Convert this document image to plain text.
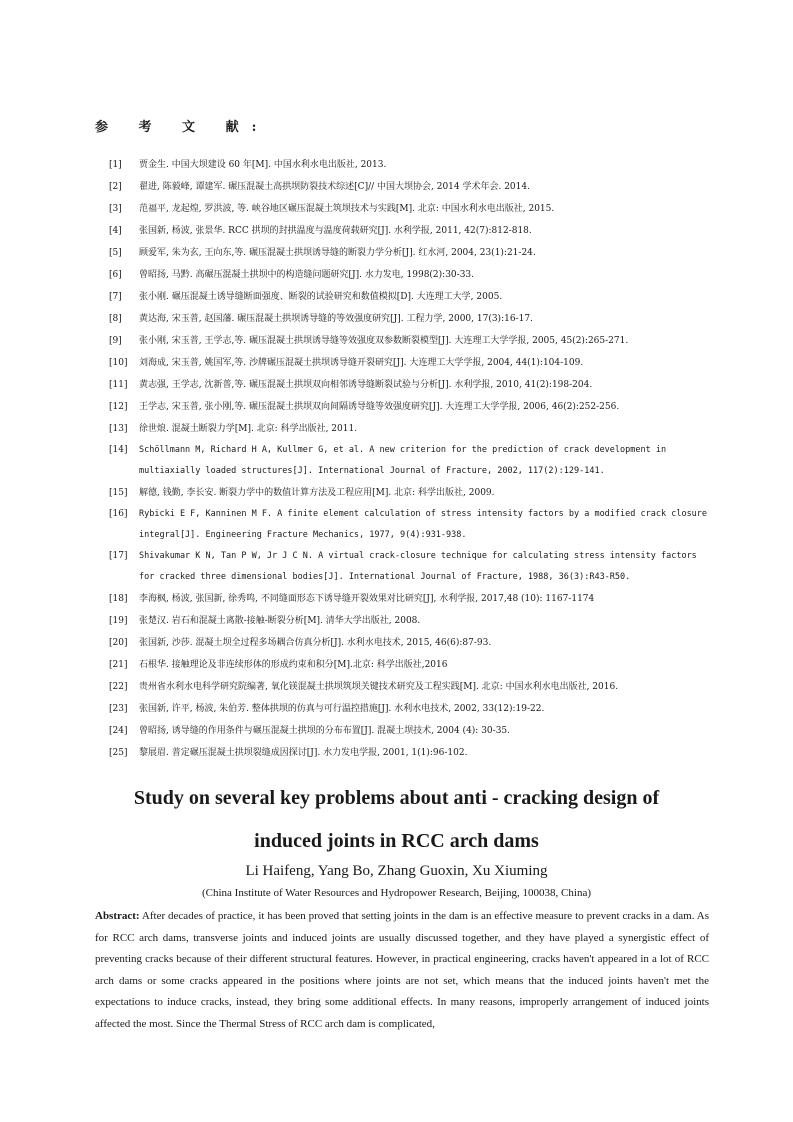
参 考 文 献:
[1]	贾金生. 中国大坝建设 60 年[M]. 中国水利水电出版社, 2013.
[2]	翟进, 陈毅峰, 谭建军. 碾压混凝土高拱坝防裂技术综述[C]// 中国大坝协会, 2014 学术年会. 2014.
[3]	范福平, 龙起煌, 罗洪波, 等. 峡谷地区碾压混凝土筑坝技术与实践[M]. 北京: 中国水利水电出版社, 2015.
[4]	张国新, 杨波, 张景华. RCC 拱坝的封拱温度与温度荷载研究[J]. 水利学报, 2011, 42(7):812-818.
[5]	顾爱军, 朱为玄, 王向东,等. 碾压混凝土拱坝诱导缝的断裂力学分析[J]. 红水河, 2004, 23(1):21-24.
[6]	曾昭扬, 马黔. 高碾压混凝土拱坝中的构造缝问题研究[J]. 水力发电, 1998(2):30-33.
[7]	张小刚. 碾压混凝土诱导缝断面强度、断裂的试验研究和数值模拟[D]. 大连理工大学, 2005.
[8]	黄达海, 宋玉普, 赵国藩. 碾压混凝土拱坝诱导缝的等效强度研究[J]. 工程力学, 2000, 17(3):16-17.
[9]	张小刚, 宋玉普, 王学志,等. 碾压混凝土拱坝诱导缝等效强度双参数断裂模型[J]. 大连理工大学学报, 2005, 45(2):265-271.
[10]	刘海成, 宋玉普, 姚国军,等. 沙牌碾压混凝土拱坝诱导缝开裂研究[J]. 大连理工大学学报, 2004, 44(1):104-109.
[11]	黄志强, 王学志, 沈新普,等. 碾压混凝土拱坝双向相邻诱导缝断裂试验与分析[J]. 水利学报, 2010, 41(2):198-204.
[12]	王学志, 宋玉普, 张小刚,等. 碾压混凝土拱坝双向间隔诱导缝等效强度研究[J]. 大连理工大学学报, 2006, 46(2):252-256.
[13]	徐世烺. 混凝土断裂力学[M]. 北京: 科学出版社, 2011.
[14]	Schöllmann M, Richard H A, Kullmer G, et al. A new criterion for the prediction of crack development in multiaxially loaded structures[J]. International Journal of Fracture, 2002, 117(2):129-141.
[15]	解德, 钱勤, 李长安. 断裂力学中的数值计算方法及工程应用[M]. 北京: 科学出版社, 2009.
[16]	Rybicki E F, Kanninen M F. A finite element calculation of stress intensity factors by a modified crack closure integral[J]. Engineering Fracture Mechanics, 1977, 9(4):931-938.
[17]	Shivakumar K N, Tan P W, Jr J C N. A virtual crack-closure technique for calculating stress intensity factors for cracked three dimensional bodies[J]. International Journal of Fracture, 1988, 36(3):R43-R50.
[18]	李海枫, 杨波, 张国新, 徐秀鸣, 不同缝面形态下诱导缝开裂效果对比研究[J], 水利学报, 2017,48 (10): 1167-1174
[19]	张楚汉. 岩石和混凝土离散-接触-断裂分析[M]. 清华大学出版社, 2008.
[20]	张国新, 沙莎. 混凝土坝全过程多场耦合仿真分析[J]. 水利水电技术, 2015, 46(6):87-93.
[21]	石根华. 接触理论及非连续形体的形成约束和积分[M].北京: 科学出版社,2016
[22]	贵州省水利水电科学研究院编著, 氧化镁混凝土拱坝筑坝关键技术研究及工程实践[M]. 北京: 中国水利水电出版社, 2016.
[23]	张国新, 许平, 杨波, 朱伯芳. 整体拱坝的仿真与可行温控措施[J]. 水利水电技术, 2002, 33(12):19-22.
[24]	曾昭扬, 诱导缝的作用条件与碾压混凝土拱坝的分布布置[J]. 混凝土坝技术, 2004 (4): 30-35.
[25]	黎展眉. 普定碾压混凝土拱坝裂缝成因探讨[J]. 水力发电学报, 2001, 1(1):96-102.
Study on several key problems about anti - cracking design of
induced joints in RCC arch dams
Li Haifeng, Yang Bo, Zhang Guoxin, Xu Xiuming
(China Institute of Water Resources and Hydropower Research, Beijing, 100038, China)
Abstract: After decades of practice, it has been proved that setting joints in the dam is an effective measure to prevent cracks in a dam. As for RCC arch dams, transverse joints and induced joints are usually discussed together, and they have played a synergistic effect of preventing cracks because of their different structural features. However, in practical engineering, cracks haven't appeared in a lot of RCC arch dams or some cracks appeared in the positions where joints are not set, which means that the induced joints haven't met the expectations to induce cracks, instead, they bring some additional effects. In many reasons, improperly arrangement of induced joints affected the most. Since the Thermal Stress of RCC arch dam is complicated,
